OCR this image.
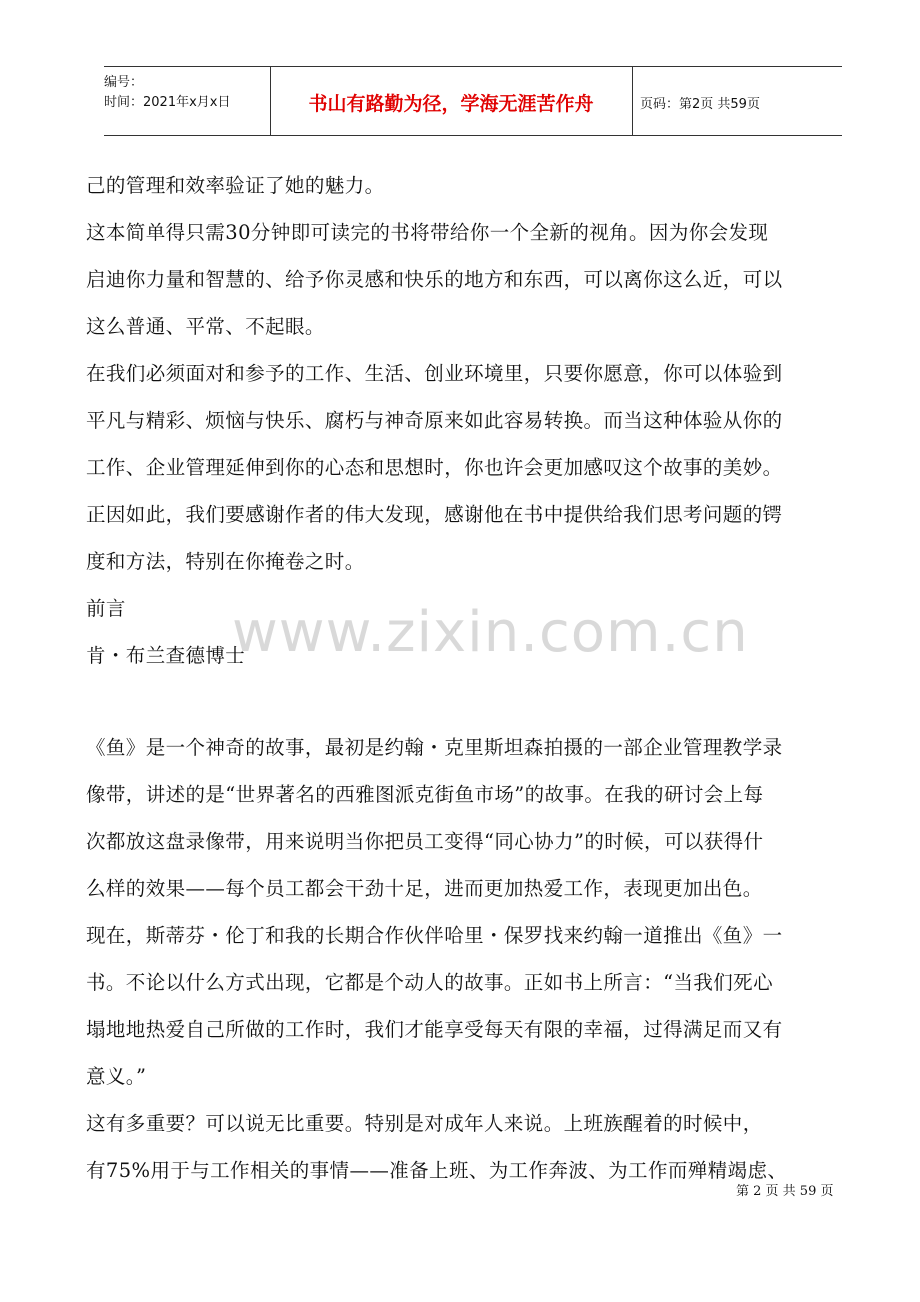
编号：
时间：2021年x月x日	书山有路勤为径，学海无涯苦作舟	页码：第2页 共59页
www.zixin.com.cn
己的管理和效率验证了她的魅力。
这本简单得只需30分钟即可读完的书将带给你一个全新的视角。因为你会发现
启迪你力量和智慧的、给予你灵感和快乐的地方和东西，可以离你这么近，可以
这么普通、平常、不起眼。
在我们必须面对和参予的工作、生活、创业环境里，只要你愿意，你可以体验到
平凡与精彩、烦恼与快乐、腐朽与神奇原来如此容易转换。而当这种体验从你的
工作、企业管理延伸到你的心态和思想时，你也许会更加感叹这个故事的美妙。
正因如此，我们要感谢作者的伟大发现，感谢他在书中提供给我们思考问题的锷
度和方法，特别在你掩卷之时。
前言
肯・布兰查德博士
《鱼》是一个神奇的故事，最初是约翰・克里斯坦森拍摄的一部企业管理教学录
像带，讲述的是“世界著名的西雅图派克街鱼市场”的故事。在我的研讨会上每
次都放这盘录像带，用来说明当你把员工变得“同心协力”的时候，可以获得什
么样的效果——每个员工都会干劲十足，进而更加热爱工作，表现更加出色。
现在，斯蒂芬・伦丁和我的长期合作伙伴哈里・保罗找来约翰一道推出《鱼》一
书。不论以什么方式出现，它都是个动人的故事。正如书上所言：“当我们死心
塌地地热爱自己所做的工作时，我们才能享受每天有限的幸福，过得满足而又有
意义。”
这有多重要？可以说无比重要。特别是对成年人来说。上班族醒着的时候中，
有75%用于与工作相关的事情——准备上班、为工作奔波、为工作而殚精竭虑、
第 2 页 共 59 页
